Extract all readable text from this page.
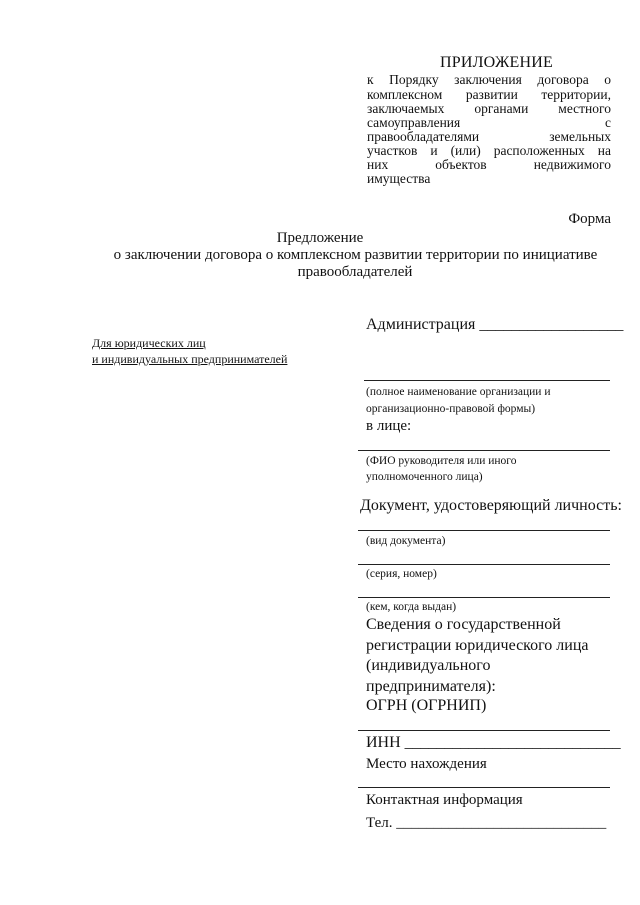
ПРИЛОЖЕНИЕ
к Порядку заключения договора о
комплексном развитии территории,
заключаемых органами местного
самоуправления	с
правообладателями	земельных
участков и (или) расположенных на
них	объектов	недвижимого
имущества
Форма
Предложение
о заключении договора о комплексном развитии территории по инициативе
правообладателей
Для юридических лиц
и индивидуальных предпринимателей
Администрация __________________
(полное наименование организации и
организационно-правовой формы)
в лице:
(ФИО руководителя или иного
уполномоченного лица)
Документ, удостоверяющий личность:
(вид документа)
(серия, номер)
(кем, когда выдан)
Сведения о государственной
регистрации юридического лица
(индивидуального
предпринимателя):
ОГРН (ОГРНИП)
ИНН ___________________________
Место нахождения
Контактная информация
Тел. ____________________________
